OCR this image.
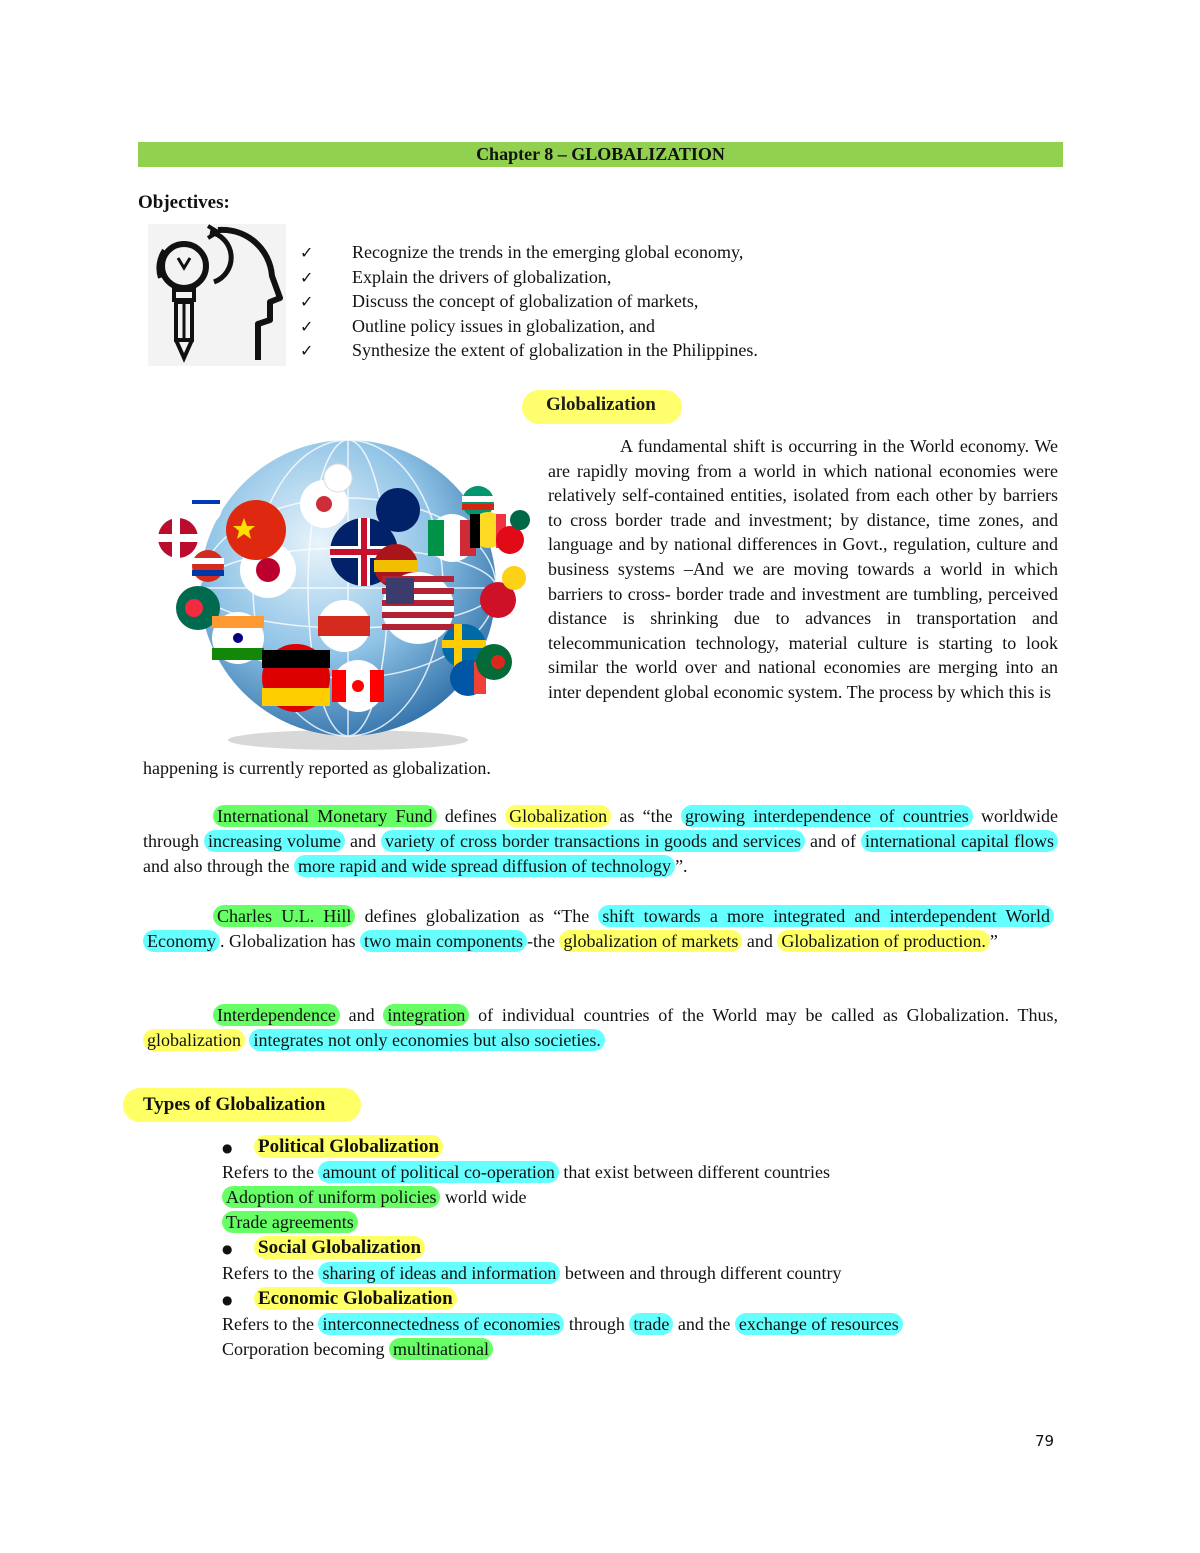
Chapter 8 – GLOBALIZATION
Objectives:
✓ Recognize the trends in the emerging global economy,
✓ Explain the drivers of globalization,
✓ Discuss the concept of globalization of markets,
✓ Outline policy issues in globalization, and
✓ Synthesize the extent of globalization in the Philippines.
Globalization
A fundamental shift is occurring in the World economy. We are rapidly moving from a world in which national economies were relatively self-contained entities, isolated from each other by barriers to cross border trade and investment; by distance, time zones, and language and by national differences in Govt., regulation, culture and business systems –And we are moving towards a world in which barriers to cross- border trade and investment are tumbling, perceived distance is shrinking due to advances in transportation and telecommunication technology, material culture is starting to look similar the world over and national economies are merging into an inter dependent global economic system. The process by which this is
happening is currently reported as globalization.
International Monetary Fund defines Globalization as “the growing interdependence of countries worldwide through increasing volume and variety of cross border transactions in goods and services and of international capital flows and also through the more rapid and wide spread diffusion of technology ”.
Charles U.L. Hill defines globalization as “The shift towards a more integrated and interdependent World Economy . Globalization has two main components -the globalization of markets and Globalization of production. ”
Interdependence and integration of individual countries of the World may be called as Globalization. Thus, globalization integrates not only economies but also societies.
Types of Globalization
● Political Globalization
Refers to the amount of political co-operation that exist between different countries
Adoption of uniform policies world wide
Trade agreements
● Social Globalization
Refers to the sharing of ideas and information between and through different country
● Economic Globalization
Refers to the interconnectedness of economies through trade and the exchange of resources
Corporation becoming multinational
79
